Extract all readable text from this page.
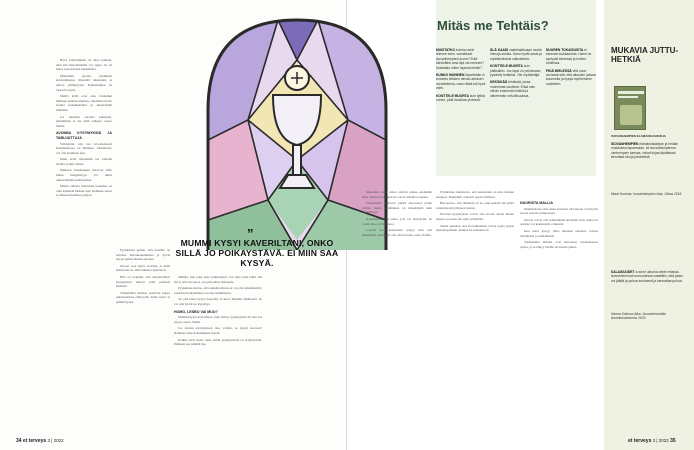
Hyvä kohtaaminen on aitoa puhetta, eikä sitä harjoittamalla voi oppia. Se on myös tasavertaista kuulemista.

Mielestäni puolen ottaminen kohtaamisessa ilmentää rakkauden ja armon ymmärrystä. Kohtaaminen on vastavuoroista.

Meillä kyllä ovat oma vanhempi ihminen ajattelu kaksista, rikollinen hyvin isoiksi kokemuksiksi ja ulkonaisille ihmisille.

Jos mustista asioista puhutaan, puhuminen ei ole enää vaikeaa, sanoo Selma.

AVOIMIA KYSYMYKSIÄ JA TABUJUTTUJA

Ymmärrän, että tosi ortodoksisesti kristinuskossa on ihminen. Sielunhoito voi olla henkinen asia.

Muut eivät tietenkään tee samalla tavalla, pohtii Selma.

Ihmisten kokemukset kertovat siitä, miten hengellisyys voi tukea rakkaudellista kohtaamista.

Minun omassa tiedossani kokemus on ollut kaikkein tärkein asia. Rohkeus sanoa se ääneen merkitsee paljon.

Pyykkönen puhuu, että nuorilla on erilaisia kasvukokemuksia ja hyviä tapoja puhua mielen asioista.

Nuoret ovat myös avoimia, ja heitä kiinnostaa se, mitä aikuiset ajattelevat.

Hän on kokenut, että uskonnolliset kysymykset tulevat esiin pienissä hetkissä.

Vanhemmat ihmiset saattavat kokea uskonasioissa etäisyyttä, mutta nuori ei pelkää kysyä.

miltään, kun joku aina loukkaantuu. Jos siten saisi tehtä. On hyvä, että saa sanoa, jos joku ahtaa tilannetta.

Pyykkönen kertoo, että sielunhoidossa ei voi olla kaikkitietävä. Jokainen kohtaaminen on oma maailmansa.

Se, että nuori kysyy kaverilta, ei kerro mistään vähäisestä. Se voi olla hyvin iso kysymys.

HOMO, LESBO VAI MUU?

Mummi kysyi kaveriltani, onko sillä jo poikaystävä. Ei siin saa kysyä, sanoo Selma.

Jos tekisin kysymyksen itse, voisiko se kysyä suoraan? Rohkeus tulee kokemuksen myötä.

Kaikki eivät tiedä, onko heillä poikaystävää tai tyttöystävää. Ihminen saa päättää itse.

”
MUMMI KYSYI KAVERILTANI, ONKO SILLÄ JO POIKAYSTÄVÄ. EI MIIN SAA KYSYÄ.
34 et terveys 3 | 2022
Mitäs me Tehtäis?

MUISTATKO kuinka usein teimme esim. varrakkaat isovanhempiesi luona? Entä kärsivätkö oma läpi vai mennee? Muistatko miten lapsina tehtiin?

KUNKO MUHINEN läpsettiään ei tunnettu leikkien olevan aikuisen arvostelemia, vaan niistä tuli hyvä mieli.

KONTTELE MUORTA kuin tyttöä ennen, pidä hauskaa yhdessä.

ÄLÄ KAADI vaatekaikkuaan osoita hienoja asioita. Sano hyvät sanat ja myötätuntoisia vaikutelmia.

KONTTELE MUORTA kuin pitäisiäkin. Jos lapsi on peloissaan, pysähdy hetkeksi. Ole myötäeläjä.

KEKSIKÄÄ tehtävää, jossa molemmat nauttivat. Ehkä vain vähän enemmän leikkiä ja vähemmän velvollisuuksia.

NUOREN TOKAISUISTA ei kannata loukkaantua. Usein ne syntyvät kiireessä ja hetken tunteissa.

PIDÄ MIELESSÄ että nuori arvostaa sitä, että aikuinen jaksaa kuunnella ja kysyä myöhemmin uudelleen.

Muutama vuosi sitten alettiin puhua enemmän siitä, miten eri sukupolvet voivat kohdata toisensa.

Vanhemmat saattavat pelätä sanovansa jotain väärin, mutta yrittäminen on tärkeämpää kuin täydellisyys.

Kohtaaminen on taitoa, jota voi harjoitella. Se vaatii aikaa ja läsnäoloa.

Lopulta hyvä keskustelu syntyy siitä, että molemmat uskaltavat olla oma itsensä, sanoo Selma.

Pyykkönen muistuttaa, että keskustelu on aina kahden kauppaa. Kumpikin osapuoli oppii toisiltaan.

Hän kertoo, että tärkeintä on se, ettei kukaan jää yksin vaikeiden kysymysten kanssa.

Nuorten kysymykset voivat olla suoria, mutta niiden takana on usein aito halu ymmärtää.

Selma ajattelee, että isovanhemmat voivat oppia paljon lapsenlapsiltaan, kunhan he kuuntelevat.

NUORISTA MALLIA

Mummolassa olen usein kokenut, että nuoret ovat hyvin suoria asioista puhuessaan.

Nuoret voivat olla esimerkkinä aikuisille siitä, miten eri asioista voi keskustella rohkeasti.

Kun nuori kysyy, tulisi aikuisen uskaltaa vastata rehellisesti ja rauhallisesti.

Vanhemmat ihmiset ovat kasvaneet toisenlaisessa ajassa, ja se näkyy heidän tavassaan puhua.

MUKAVIA JUTTU-HETKIÄ
ISOVANHEMPIEN ELÄMÄNKÄSIKIRJA
ISOVANHEMPIEN elämänkäsikirjan ja heidän muistoissa tapaamaan, eli isovanhempiensa vanhempien kanssa, voivat kirjaa täyttäessä kirvoittaa kivoja juttuhetkiä.
Mauri Kunnas: Isovanhempien kirja. Otava 2016.
SALAISUUDET ovat eri aikoina olleet erilaisia. Isovanhemmat nuoruudessa vaatettiin, että jotain voi jättää ja puhua avoimesti ja kannattaa puhua.
Hanna Soilumo Aiko: Isovanhemmilla. Aurinkokustannus 2020.
et terveys 3 | 2022 35
